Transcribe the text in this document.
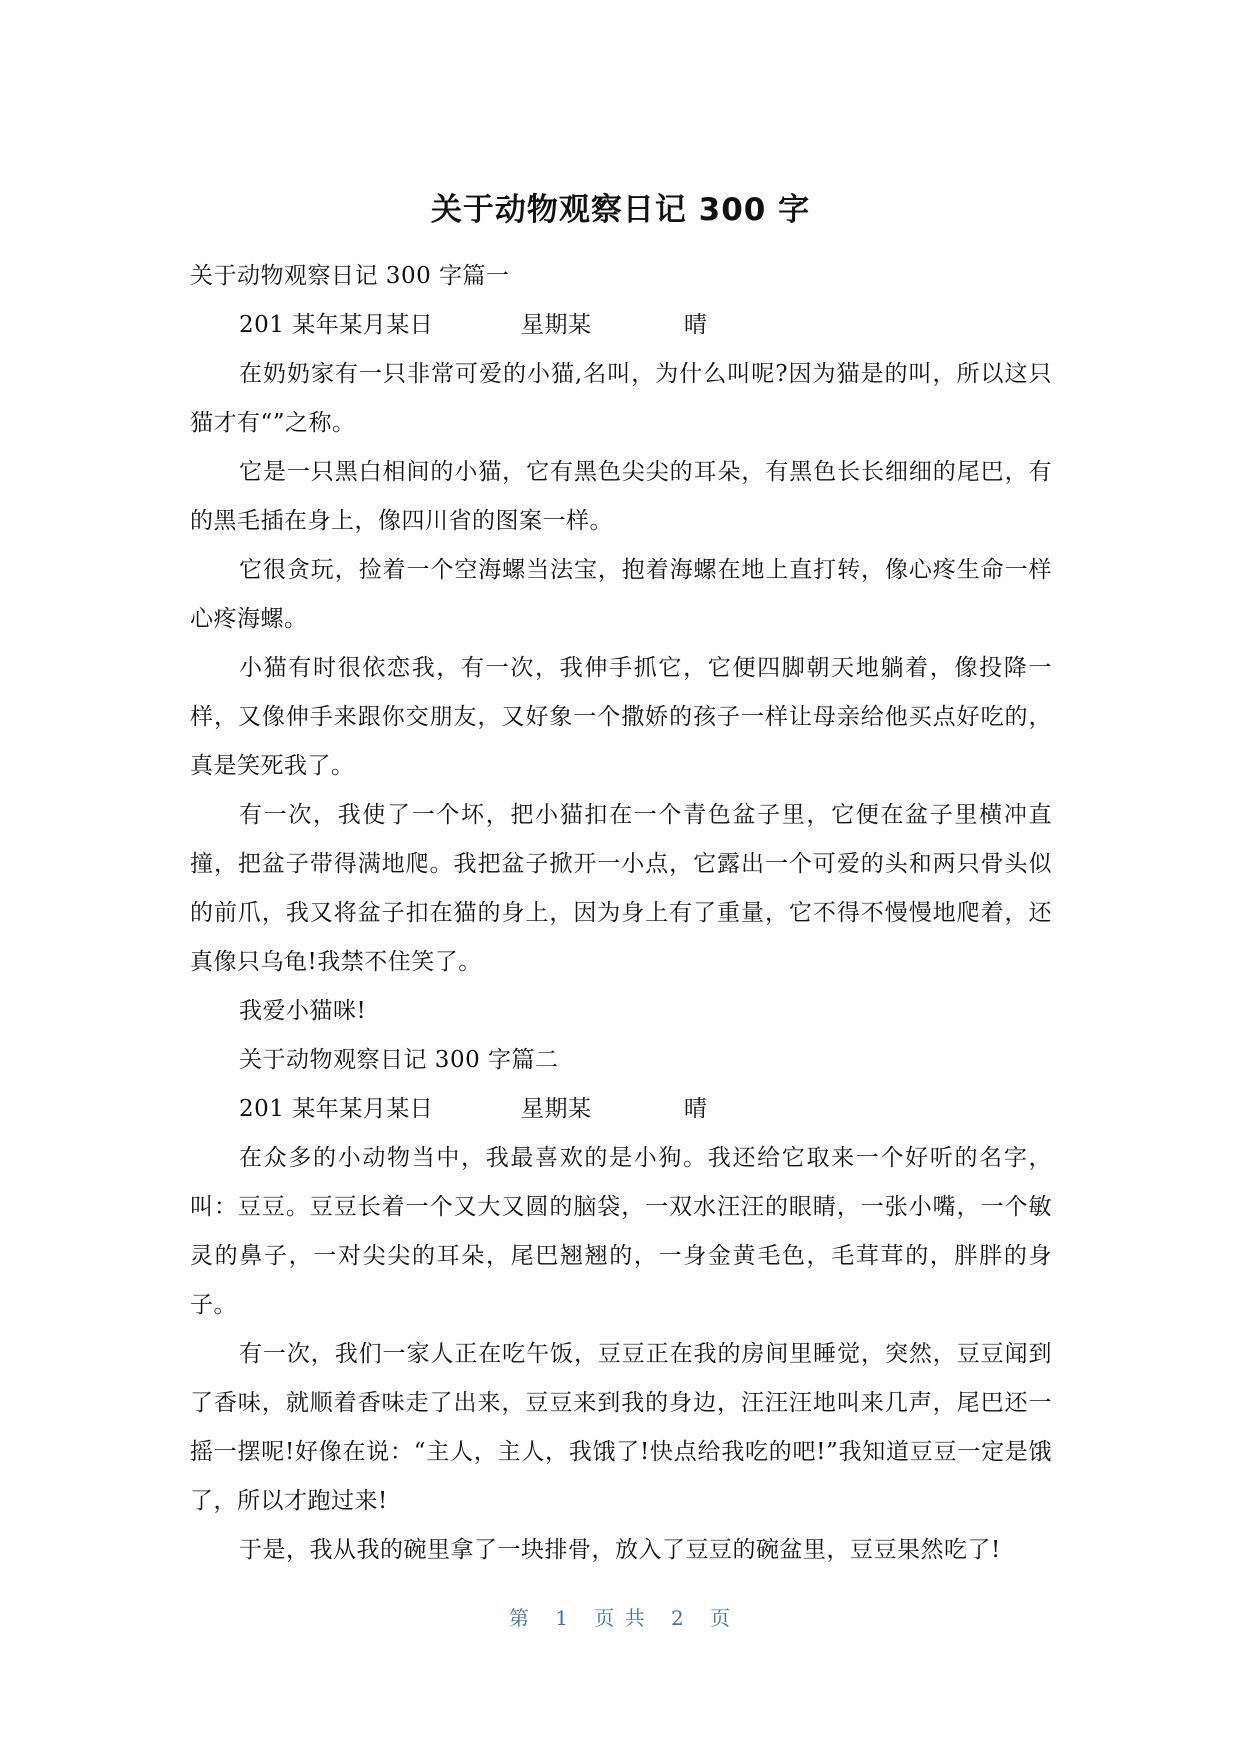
关于动物观察日记 300 字

关于动物观察日记 300 字篇一

201 某年某月某日	星期某	晴

在奶奶家有一只非常可爱的小猫,名叫，为什么叫呢?因为猫是的叫，所以这只猫才有“”之称。

它是一只黑白相间的小猫，它有黑色尖尖的耳朵，有黑色长长细细的尾巴，有的黑毛插在身上，像四川省的图案一样。

它很贪玩，捡着一个空海螺当法宝，抱着海螺在地上直打转，像心疼生命一样心疼海螺。

小猫有时很依恋我，有一次，我伸手抓它，它便四脚朝天地躺着，像投降一样，又像伸手来跟你交朋友，又好象一个撒娇的孩子一样让母亲给他买点好吃的，真是笑死我了。

有一次，我使了一个坏，把小猫扣在一个青色盆子里，它便在盆子里横冲直撞，把盆子带得满地爬。我把盆子掀开一小点，它露出一个可爱的头和两只骨头似的前爪，我又将盆子扣在猫的身上，因为身上有了重量，它不得不慢慢地爬着，还真像只乌龟!我禁不住笑了。

我爱小猫咪!

关于动物观察日记 300 字篇二

201 某年某月某日	星期某	晴

在众多的小动物当中，我最喜欢的是小狗。我还给它取来一个好听的名字，叫：豆豆。豆豆长着一个又大又圆的脑袋，一双水汪汪的眼睛，一张小嘴，一个敏灵的鼻子，一对尖尖的耳朵，尾巴翘翘的，一身金黄毛色，毛茸茸的，胖胖的身子。

有一次，我们一家人正在吃午饭，豆豆正在我的房间里睡觉，突然，豆豆闻到了香味，就顺着香味走了出来，豆豆来到我的身边，汪汪汪地叫来几声，尾巴还一摇一摆呢!好像在说：“主人，主人，我饿了!快点给我吃的吧!”我知道豆豆一定是饿了，所以才跑过来!

于是，我从我的碗里拿了一块排骨，放入了豆豆的碗盆里，豆豆果然吃了!

第 1 页 共 2 页
